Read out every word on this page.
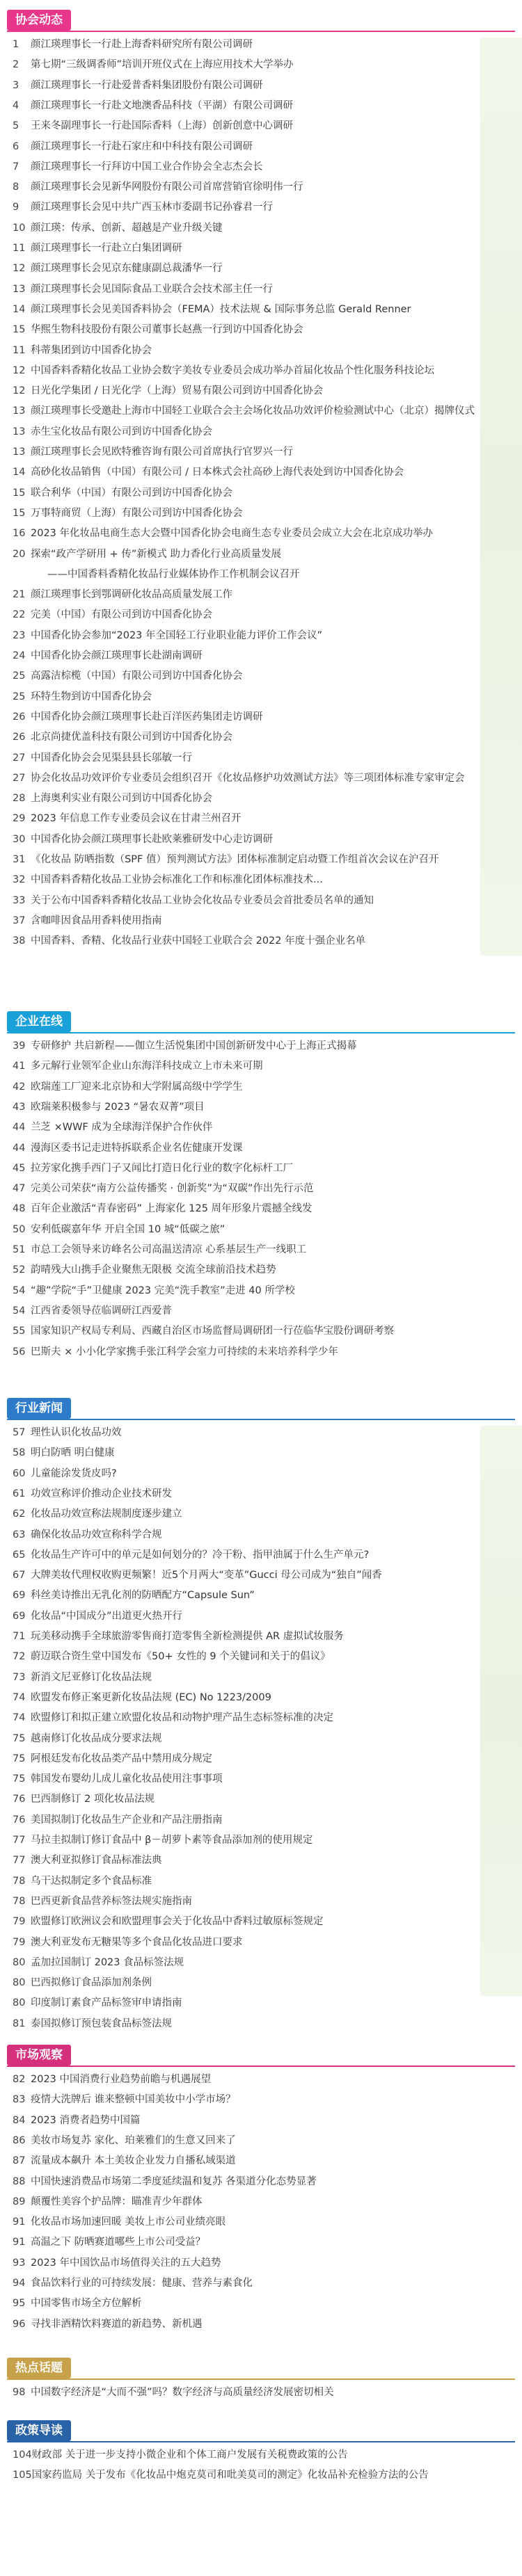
协会动态
1 颜江瑛理事长一行赴上海香料研究所有限公司调研
2 第七期“三级调香师”培训开班仪式在上海应用技术大学举办
3 颜江瑛理事长一行赴爱普香料集团股份有限公司调研
4 颜江瑛理事长一行赴文地澳香品科技（平湖）有限公司调研
5 王来冬副理事长一行赴国际香料（上海）创新创意中心调研
6 颜江瑛理事长一行赴石家庄和中科技有限公司调研
7 颜江瑛理事长一行拜访中国工业合作协会全志杰会长
8 颜江瑛理事长会见新华网股份有限公司首席营销官徐明伟一行
9 颜江瑛理事长会见中共广西玉林市委副书记孙睿君一行
10 颜江瑛：传承、创新、超越是产业升级关键
11 颜江瑛理事长一行赴立白集团调研
12 颜江瑛理事长会见京东健康副总裁潘华一行
13 颜江瑛理事长会见国际食品工业联合会技术部主任一行
14 颜江瑛理事长会见美国香料协会（FEMA）技术法规 & 国际事务总监 Gerald Renner
15 华熙生物科技股份有限公司董事长赵燕一行到访中国香化协会
11 科蒂集团到访中国香化协会
12 中国香料香精化妆品工业协会数字美妆专业委员会成功举办首届化妆品个性化服务科技论坛
12 日光化学集团 / 日光化学（上海）贸易有限公司到访中国香化协会
13 颜江瑛理事长受邀赴上海市中国轻工业联合会主会场化妆品功效评价检验测试中心（北京）揭牌仪式
13 赤生宝化妆品有限公司到访中国香化协会
13 颜江瑛理事长会见欧特雅咨询有限公司首席执行官罗兴一行
14 高砂化妆品销售（中国）有限公司 / 日本株式会社高砂上海代表处到访中国香化协会
15 联合利华（中国）有限公司到访中国香化协会
15 万事特商贸（上海）有限公司到访中国香化协会
16 2023 年化妆品电商生态大会暨中国香化协会电商生态专业委员会成立大会在北京成功举办
20 探索“政产学研用 + 传”新模式 助力香化行业高质量发展
——中国香料香精化妆品行业媒体协作工作机制会议召开
21 颜江瑛理事长到鄂调研化妆品高质量发展工作
22 完美（中国）有限公司到访中国香化协会
23 中国香化协会参加“2023 年全国轻工行业职业能力评价工作会议”
24 中国香化协会颜江瑛理事长赴湖南调研
25 高露洁棕榄（中国）有限公司到访中国香化协会
25 环特生物到访中国香化协会
26 中国香化协会颜江瑛理事长赴百洋医药集团走访调研
26 北京尚捷优盖科技有限公司到访中国香化协会
27 中国香化协会会见渠县县长邬敏一行
27 协会化妆品功效评价专业委员会组织召开《化妆品修护功效测试方法》等三项团体标准专家审定会
28 上海奥利实业有限公司到访中国香化协会
29 2023 年信息工作专业委员会议在甘肃兰州召开
30 中国香化协会颜江瑛理事长赴欧莱雅研发中心走访调研
31 《化妆品 防晒指数（SPF 值）预判测试方法》团体标准制定启动暨工作组首次会议在沪召开
32 中国香料香精化妆品工业协会标准化工作和标准化团体标准技术...
33 关于公布中国香料香精化妆品工业协会化妆品专业委员会首批委员名单的通知
37 含咖啡因食品用香料使用指南
38 中国香料、香精、化妆品行业获中国轻工业联合会 2022 年度十强企业名单
企业在线
39 专研修护 共启新程——伽立生活悦集团中国创新研发中心于上海正式揭幕
41 多元解行业领军企业山东海洋科技成立上市未来可期
42 欧瑞莲工厂迎来北京协和大学附属高级中学学生
43 欧瑞莱积极参与 2023 “暑农双菁”项目
44 兰芝 ×WWF 成为全球海洋保护合作伙伴
44 漫海区委书记走进特拆联系企业名佐健康开发课
45 拉芳家化携手西门子又闻比打造日化行业的数字化标杆工厂
47 完美公司荣获“南方公益传播奖 · 创新奖”为“双碳”作出先行示范
48 百年企业激活“青春密码” 上海家化 125 周年形象片震撼全线发
50 安利低碳嘉年华 开启全国 10 城“低碳之旅”
51 市总工会领导来访峰名公司高温送清凉 心系基层生产一线职工
52 韵晴残大山携手企业聚焦无限极 交流全球前沿技术趋势
54 “趣”学院“手”卫健康 2023 完美“洗手教室”走进 40 所学校
54 江西省委领导莅临调研江西爱普
55 国家知识产权局专利局、西藏自治区市场监督局调研团一行莅临华宝股份调研考察
56 巴斯夫 × 小小化学家携手张江科学会室力可持续的未来培养科学少年
行业新闻
57 理性认识化妆品功效
58 明白防晒 明白健康
60 儿童能涂发货皮吗?
61 功效宣称评价推动企业技术研发
62 化妆品功效宣称法规制度逐步建立
63 确保化妆品功效宣称科学合规
65 化妆品生产许可中的单元是如何划分的？冷干粉、指甲油属于什么生产单元?
67 大牌美妆代理权收购更频繁！近5个月两大“变革”Gucci 母公司成为“独自”闻香
69 科丝美诗推出无乳化剂的防晒配方“Capsule Sun”
69 化妆品“中国成分”出道更火热开行
71 玩美移动携手全球旅游零售商打造零售全新检测提供 AR 虚拟试妆服务
72 蔚迈联合资生堂中国发布《50+ 女性的 9 个关键词和关于的倡议》
73 新消文尼亚修订化妆品法规
74 欧盟发布修正案更新化妆品法规 (EC) No 1223/2009
74 欧盟修订和拟正建立欧盟化妆品和动物护理产品生态标签标准的决定
75 越南修订化妆品成分要求法规
75 阿根廷发布化妆品类产品中禁用成分规定
75 韩国发布婴幼儿成儿童化妆品使用注事事项
76 巴西制修订 2 项化妆品法规
76 美国拟制订化妆品生产企业和产品注册指南
77 马拉圭拟制订修订食品中 β－胡萝卜素等食品添加剂的使用规定
77 澳大利亚拟修订食品标准法典
78 乌干达拟制定多个食品标准
78 巴西更新食品营养标签法规实施指南
79 欧盟修订欧洲议会和欧盟理事会关于化妆品中香料过敏原标签规定
79 澳大利亚发布无糖果等多个食品化妆品进口要求
80 孟加拉国制订 2023 食品标签法规
80 巴西拟修订食品添加剂条例
80 印度制订素食产品标签审申请指南
81 泰国拟修订预包装食品标签法规
市场观察
82 2023 中国消费行业趋势前瞻与机遇展望
83 疫情大洗牌后 谁来整顿中国美妆中小学市场？
84 2023 消费者趋势中国篇
86 美妆市场复苏 家化、珀莱雅们的生意又回来了
87 流量成本飙升 本土美妆企业发力自播私域渠道
88 中国快速消费品市场第二季度延续温和复苏 各渠道分化态势显著
89 颠覆性美容个护品牌：瞄准青少年群体
91 化妆品市场加速回暖 美妆上市公司业绩亮眼
91 高温之下 防晒赛道哪些上市公司受益？
93 2023 年中国饮品市场值得关注的五大趋势
94 食品饮料行业的可持续发展：健康、营养与素食化
95 中国零售市场全方位解析
96 寻找非酒精饮料赛道的新趋势、新机遇
热点话题
98 中国数字经济是“大而不强”吗？数字经济与高质量经济发展密切相关
政策导读
104财政部 关于进一步支持小微企业和个体工商户发展有关税费政策的公告
105国家药监局 关于发布《化妆品中炮克莫司和吡美莫司的测定》化妆品补充检验方法的公告
